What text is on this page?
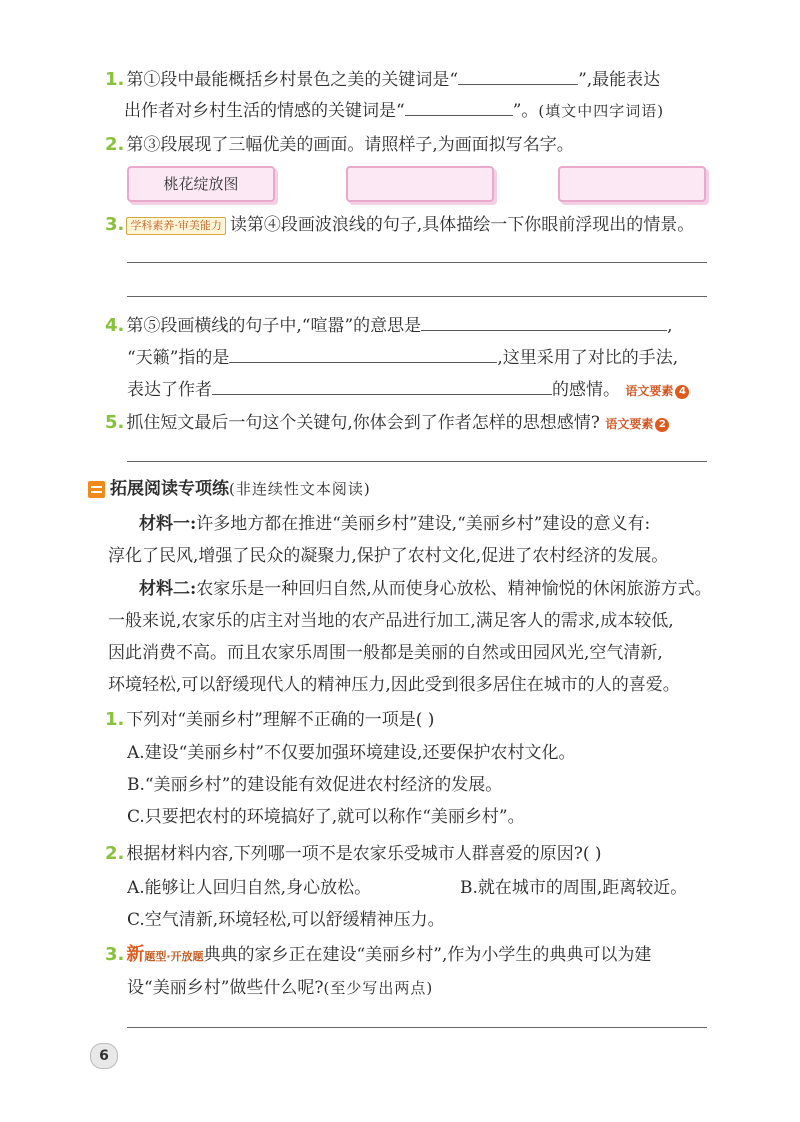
1. 第①段中最能概括乡村景色之美的关键词是“	”,最能表达
出作者对乡村生活的情感的关键词是“	”。(填文中四字词语)
2. 第③段展现了三幅优美的画面。请照样子,为画面拟写名字。
桃花绽放图
3. 学科素养·审美能力 读第④段画波浪线的句子,具体描绘一下你眼前浮现出的情景。
4. 第⑤段画横线的句子中,“喧嚣”的意思是	,
“天籁”指的是	,这里采用了对比的手法,
表达了作者	的感情。 语文要素 4
5. 抓住短文最后一句这个关键句,你体会到了作者怎样的思想感情? 语文要素 2
拓展阅读专项练(非连续性文本阅读)
材料一:许多地方都在推进“美丽乡村”建设,“美丽乡村”建设的意义有:
淳化了民风,增强了民众的凝聚力,保护了农村文化,促进了农村经济的发展。
材料二:农家乐是一种回归自然,从而使身心放松、精神愉悦的休闲旅游方式。
一般来说,农家乐的店主对当地的农产品进行加工,满足客人的需求,成本较低,
因此消费不高。而且农家乐周围一般都是美丽的自然或田园风光,空气清新,
环境轻松,可以舒缓现代人的精神压力,因此受到很多居住在城市的人的喜爱。
1. 下列对“美丽乡村”理解不正确的一项是( )
A.建设“美丽乡村”不仅要加强环境建设,还要保护农村文化。
B.“美丽乡村”的建设能有效促进农村经济的发展。
C.只要把农村的环境搞好了,就可以称作“美丽乡村”。
2. 根据材料内容,下列哪一项不是农家乐受城市人群喜爱的原因?( )
A.能够让人回归自然,身心放松。	B.就在城市的周围,距离较近。
C.空气清新,环境轻松,可以舒缓精神压力。
3. 新题型·开放题典典的家乡正在建设“美丽乡村”,作为小学生的典典可以为建
设“美丽乡村”做些什么呢?(至少写出两点)
6
